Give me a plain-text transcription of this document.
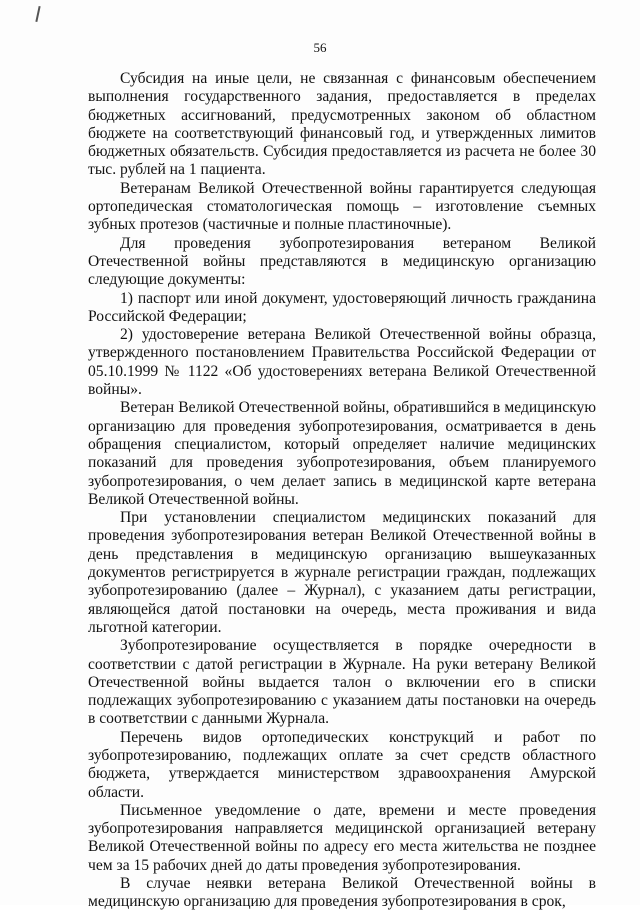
56

Субсидия на иные цели, не связанная с финансовым обеспечением выполнения государственного задания, предоставляется в пределах бюджетных ассигнований, предусмотренных законом об областном бюджете на соответствующий финансовый год, и утвержденных лимитов бюджетных обязательств. Субсидия предоставляется из расчета не более 30 тыс. рублей на 1 пациента.

Ветеранам Великой Отечественной войны гарантируется следующая ортопедическая стоматологическая помощь – изготовление съемных зубных протезов (частичные и полные пластиночные).

Для проведения зубопротезирования ветераном Великой Отечественной войны представляются в медицинскую организацию следующие документы:

1) паспорт или иной документ, удостоверяющий личность гражданина Российской Федерации;

2) удостоверение ветерана Великой Отечественной войны образца, утвержденного постановлением Правительства Российской Федерации от 05.10.1999 № 1122 «Об удостоверениях ветерана Великой Отечественной войны».

Ветеран Великой Отечественной войны, обратившийся в медицинскую организацию для проведения зубопротезирования, осматривается в день обращения специалистом, который определяет наличие медицинских показаний для проведения зубопротезирования, объем планируемого зубопротезирования, о чем делает запись в медицинской карте ветерана Великой Отечественной войны.

При установлении специалистом медицинских показаний для проведения зубопротезирования ветеран Великой Отечественной войны в день представления в медицинскую организацию вышеуказанных документов регистрируется в журнале регистрации граждан, подлежащих зубопротезированию (далее – Журнал), с указанием даты регистрации, являющейся датой постановки на очередь, места проживания и вида льготной категории.

Зубопротезирование осуществляется в порядке очередности в соответствии с датой регистрации в Журнале. На руки ветерану Великой Отечественной войны выдается талон о включении его в списки подлежащих зубопротезированию с указанием даты постановки на очередь в соответствии с данными Журнала.

Перечень видов ортопедических конструкций и работ по зубопротезированию, подлежащих оплате за счет средств областного бюджета, утверждается министерством здравоохранения Амурской области.

Письменное уведомление о дате, времени и месте проведения зубопротезирования направляется медицинской организацией ветерану Великой Отечественной войны по адресу его места жительства не позднее чем за 15 рабочих дней до даты проведения зубопротезирования.

В случае неявки ветерана Великой Отечественной войны в медицинскую организацию для проведения зубопротезирования в срок,
